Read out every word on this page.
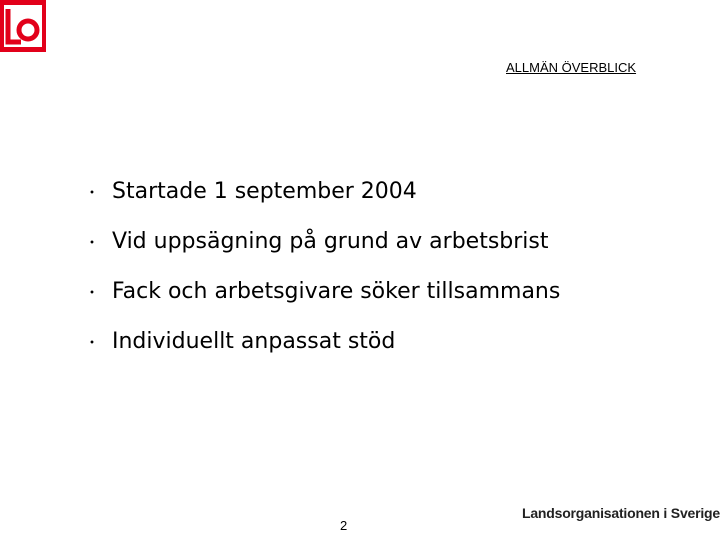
ALLMÄN ÖVERBLICK
・ Startade 1 september 2004
・ Vid uppsägning på grund av arbetsbrist
・ Fack och arbetsgivare söker tillsammans
・ Individuellt anpassat stöd
2
Landsorganisationen i Sverige
